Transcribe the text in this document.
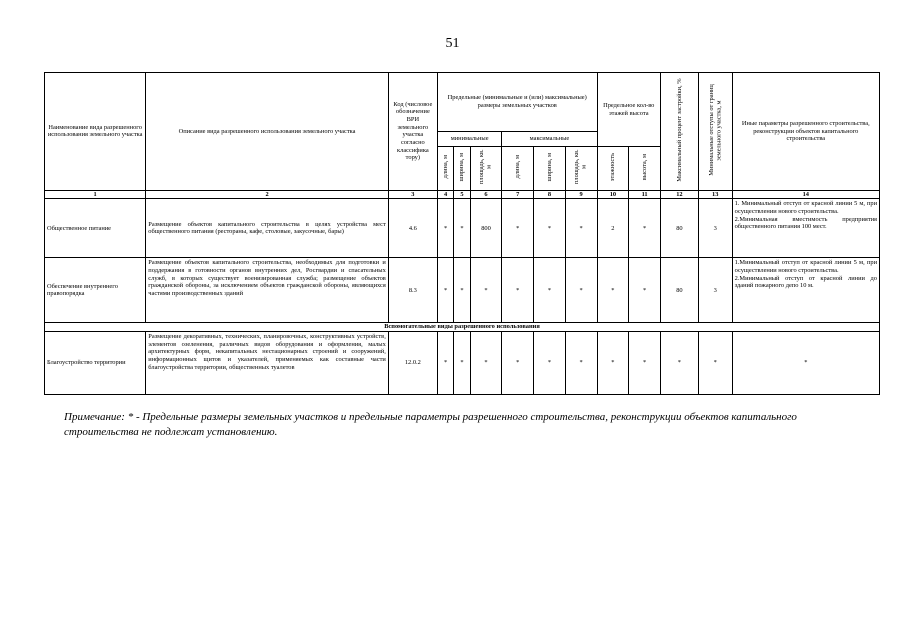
51
Наименование вида разрешенного использования земельного участка	Описание вида разрешенного использования земельного участка	Код (числовое обозначение ВРИ земельного участка согласно классифика тору)	Предельные (минимальные и (или) максимальные) размеры земельных участков						Предельное кол-во этажей высота		Максимальный процент застройки, %	Минимальные отступы от границ земельного участка, м	Иные параметры разрешенного строительства, реконструкции объектов капитального строительства
			минимальные			максимальные							
			длина, м	ширина, м	площадь, кв. м	длина, м	ширина, м	площадь, кв. м	этажность	высота, м			
1	2	3	4	5	6	7	8	9	10	11	12	13	14
Общественное питание	Размещение объектов капитального строительства в целях устройства мест общественного питания (рестораны, кафе, столовые, закусочные, бары)	4.6	*	*	800	*	*	*	2	*	80	3	1. Минимальный отступ от красной линии 5 м, при осуществлении нового строительства.
2.Минимальная вместимость предприятия общественного питания 100 мест.
Обеспечение внутреннего правопорядка	Размещение объектов капитального строительства, необходимых для подготовки и поддержания в готовности органов внутренних дел, Росгвардии и спасательных служб, в которых существует военизированная служба; размещение объектов гражданской обороны, за исключением объектов гражданской обороны, являющихся частями производственных зданий	8.3	*	*	*	*	*	*	*	*	80	3	1.Минимальный отступ от красной линии 5 м, при осуществлении нового строительства.
2.Минимальный отступ от красной линии до зданий пожарного депо 10 м.
Вспомогательные виды разрешенного использования													
Благоустройство территории	Размещение декоративных, технических, планировочных, конструктивных устройств, элементов озеленения, различных видов оборудования и оформления, малых архитектурных форм, некапитальных нестационарных строений и сооружений, информационных щитов и указателей, применяемых как составные части благоустройства территории, общественных туалетов	12.0.2	*	*	*	*	*	*	*	*	*	*	*
Примечание: * - Предельные размеры земельных участков и предельные параметры разрешенного строительства, реконструкции объектов капитального строительства не подлежат установлению.
